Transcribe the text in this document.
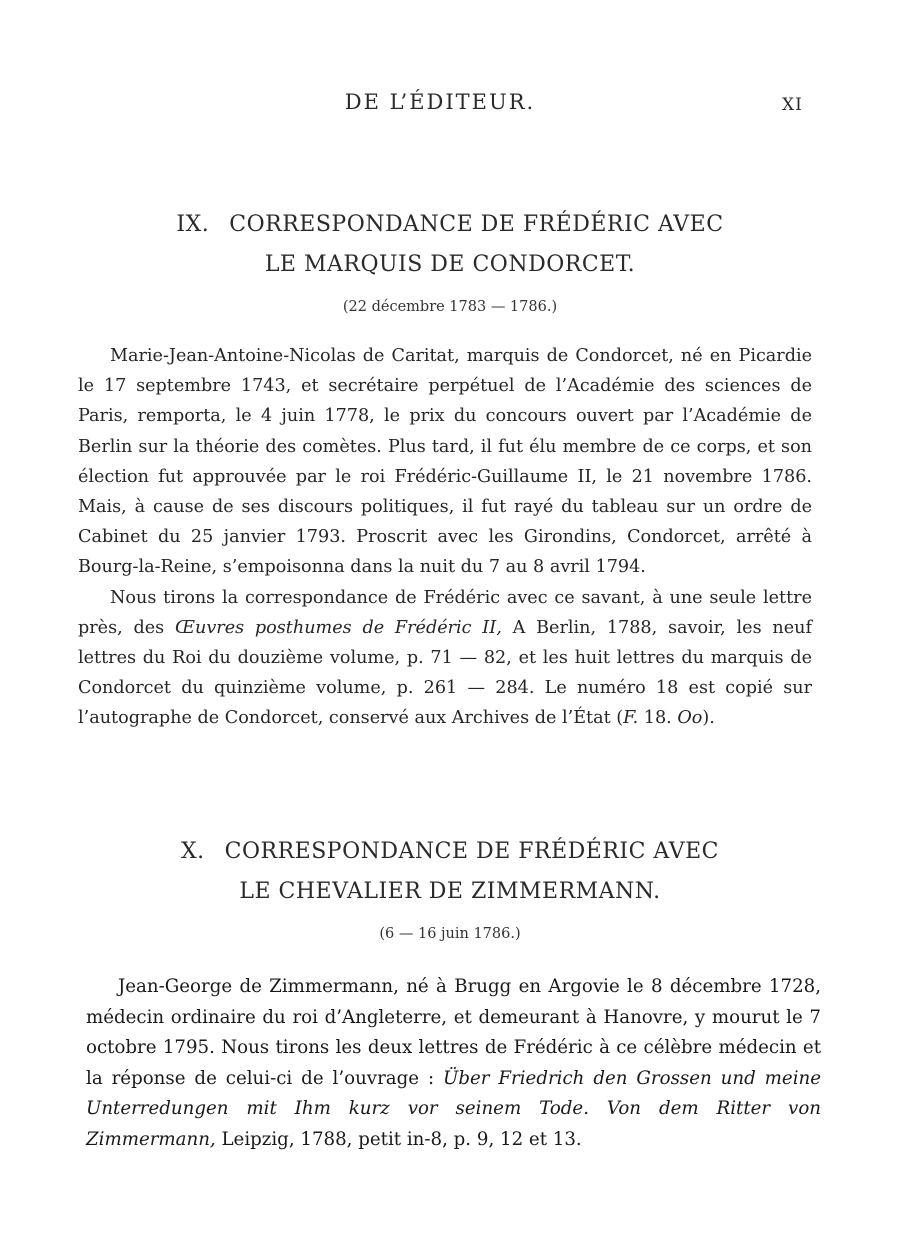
DE L’ÉDITEUR.	XI
IX. CORRESPONDANCE DE FRÉDÉRIC AVEC
LE MARQUIS DE CONDORCET.
(22 décembre 1783 — 1786.)

Marie-Jean-Antoine-Nicolas de Caritat, marquis de Condorcet, né en Picardie le 17 septembre 1743, et secrétaire perpétuel de l’Académie des sciences de Paris, remporta, le 4 juin 1778, le prix du concours ouvert par l’Académie de Berlin sur la théorie des comètes. Plus tard, il fut élu membre de ce corps, et son élection fut approuvée par le roi Frédéric-Guillaume II, le 21 novembre 1786. Mais, à cause de ses discours politiques, il fut rayé du tableau sur un ordre de Cabinet du 25 janvier 1793. Proscrit avec les Girondins, Condorcet, arrêté à Bourg-la-Reine, s’empoisonna dans la nuit du 7 au 8 avril 1794.

Nous tirons la correspondance de Frédéric avec ce savant, à une seule lettre près, des Œuvres posthumes de Frédéric II, A Berlin, 1788, savoir, les neuf lettres du Roi du douzième volume, p. 71 — 82, et les huit lettres du marquis de Condorcet du quinzième volume, p. 261 — 284. Le numéro 18 est copié sur l’autographe de Condorcet, conservé aux Archives de l’État (F. 18. Oo).

X. CORRESPONDANCE DE FRÉDÉRIC AVEC
LE CHEVALIER DE ZIMMERMANN.
(6 — 16 juin 1786.)

Jean-George de Zimmermann, né à Brugg en Argovie le 8 décembre 1728, médecin ordinaire du roi d’Angleterre, et demeurant à Hanovre, y mourut le 7 octobre 1795. Nous tirons les deux lettres de Frédéric à ce célèbre médecin et la réponse de celui-ci de l’ouvrage : Über Friedrich den Grossen und meine Unterredungen mit Ihm kurz vor seinem Tode. Von dem Ritter von Zimmermann, Leipzig, 1788, petit in-8, p. 9, 12 et 13.
